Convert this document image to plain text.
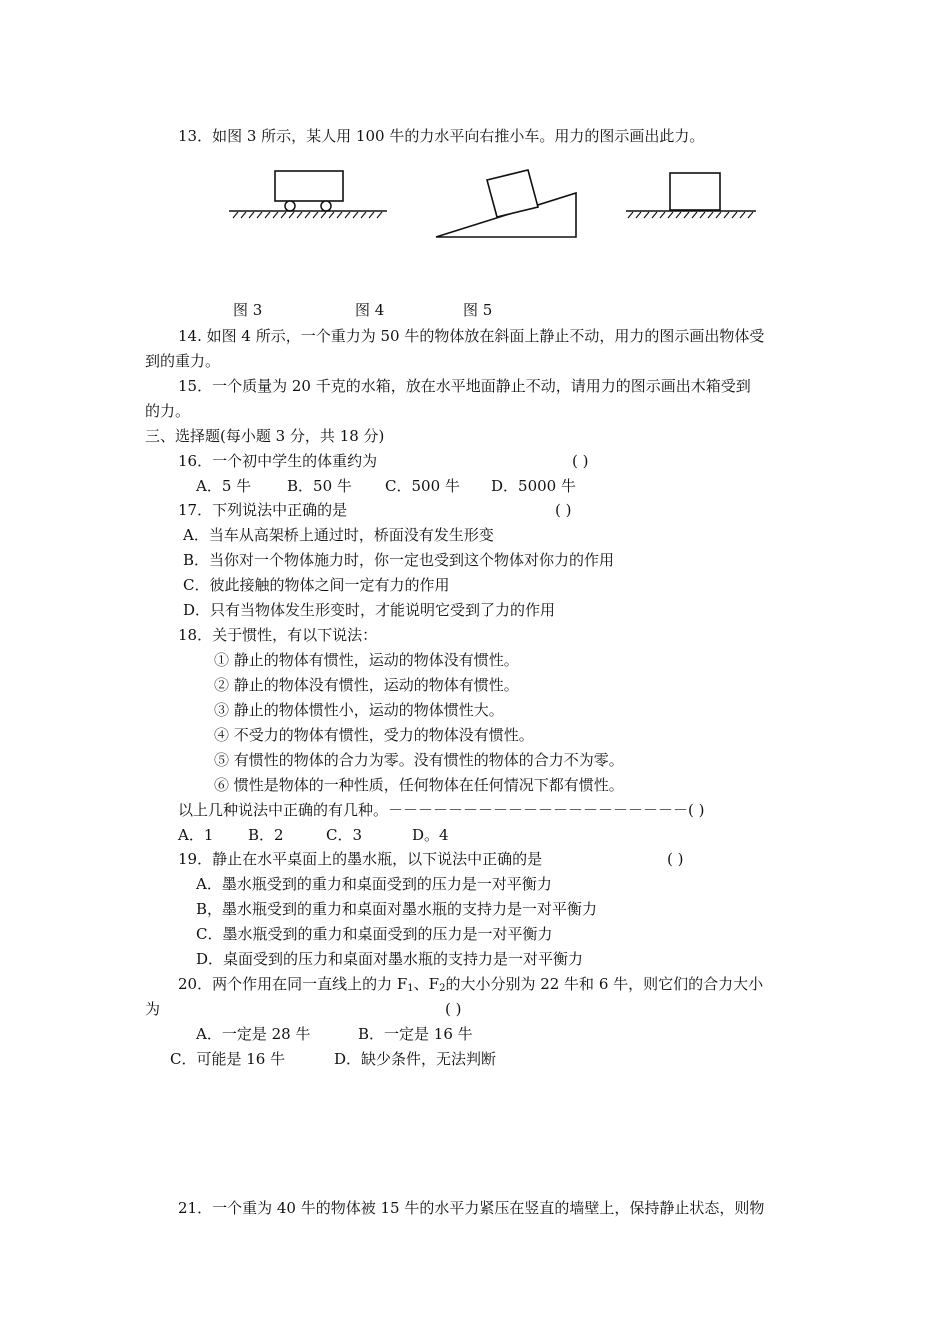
13．如图 3 所示，某人用 100 牛的力水平向右推小车。用力的图示画出此力。
图 3	图 4	图 5
14. 如图 4 所示，一个重力为 50 牛的物体放在斜面上静止不动，用力的图示画出物体受
到的重力。
15．一个质量为 20 千克的水箱，放在水平地面静止不动，请用力的图示画出木箱受到
的力。
三、选择题(每小题 3 分，共 18 分)
16．一个初中学生的体重约为	( )
A．5 牛 B．50 牛 C．500 牛 D．5000 牛
17．下列说法中正确的是	( )
A．当车从高架桥上通过时，桥面没有发生形变
B．当你对一个物体施力时，你一定也受到这个物体对你力的作用
C．彼此接触的物体之间一定有力的作用
D．只有当物体发生形变时，才能说明它受到了力的作用
18．关于惯性，有以下说法：
① 静止的物体有惯性，运动的物体没有惯性。
② 静止的物体没有惯性，运动的物体有惯性。
③ 静止的物体惯性小，运动的物体惯性大。
④ 不受力的物体有惯性，受力的物体没有惯性。
⑤ 有惯性的物体的合力为零。没有惯性的物体的合力不为零。
⑥ 惯性是物体的一种性质，任何物体在任何情况下都有惯性。
以上几种说法中正确的有几种。－－－－－－－－－－－－－－－－－－－－( )
A．1 B．2	C．3	D。4
19．静止在水平桌面上的墨水瓶，以下说法中正确的是	( )
A．墨水瓶受到的重力和桌面受到的压力是一对平衡力
B，墨水瓶受到的重力和桌面对墨水瓶的支持力是一对平衡力
C．墨水瓶受到的重力和桌面受到的压力是一对平衡力
D．桌面受到的压力和桌面对墨水瓶的支持力是一对平衡力
20．两个作用在同一直线上的力 $F_1$、$F_2$的大小分别为 22 牛和 6 牛，则它们的合力大小
为	( )
A．一定是 28 牛	B．一定是 16 牛
C．可能是 16 牛	D．缺少条件，无法判断
21．一个重为 40 牛的物体被 15 牛的水平力紧压在竖直的墙壁上，保持静止状态，则物
